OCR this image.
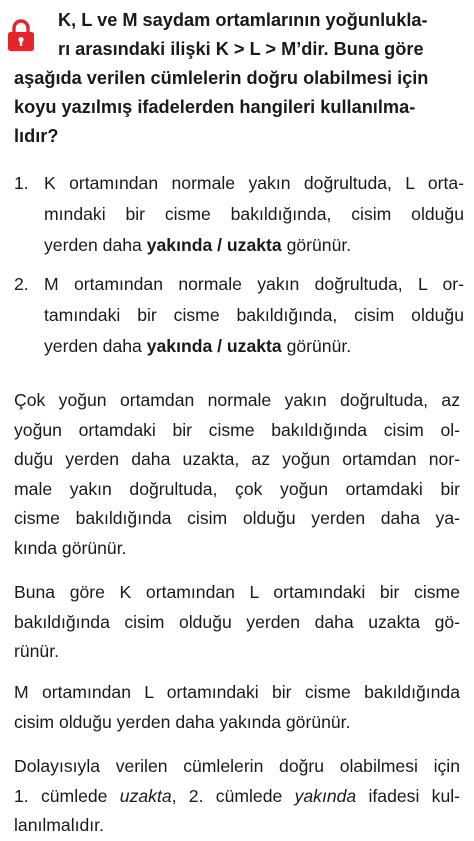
K, L ve M saydam ortamlarının yoğunlukla-
rı arasındaki ilişki K > L > M’dir. Buna göre
aşağıda verilen cümlelerin doğru olabilmesi için
koyu yazılmış ifadelerden hangileri kullanılma-
lıdır?

1. K ortamından normale yakın doğrultuda, L orta-
mındaki bir cisme bakıldığında, cisim olduğu
yerden daha yakında / uzakta görünür.
2. M ortamından normale yakın doğrultuda, L or-
tamındaki bir cisme bakıldığında, cisim olduğu
yerden daha yakında / uzakta görünür.

Çok yoğun ortamdan normale yakın doğrultuda, az
yoğun ortamdaki bir cisme bakıldığında cisim ol-
duğu yerden daha uzakta, az yoğun ortamdan nor-
male yakın doğrultuda, çok yoğun ortamdaki bir
cisme bakıldığında cisim olduğu yerden daha ya-
kında görünür.

Buna göre K ortamından L ortamındaki bir cisme
bakıldığında cisim olduğu yerden daha uzakta gö-
rünür.

M ortamından L ortamındaki bir cisme bakıldığında
cisim olduğu yerden daha yakında görünür.

Dolayısıyla verilen cümlelerin doğru olabilmesi için
1. cümlede uzakta, 2. cümlede yakında ifadesi kul-
lanılmalıdır.
